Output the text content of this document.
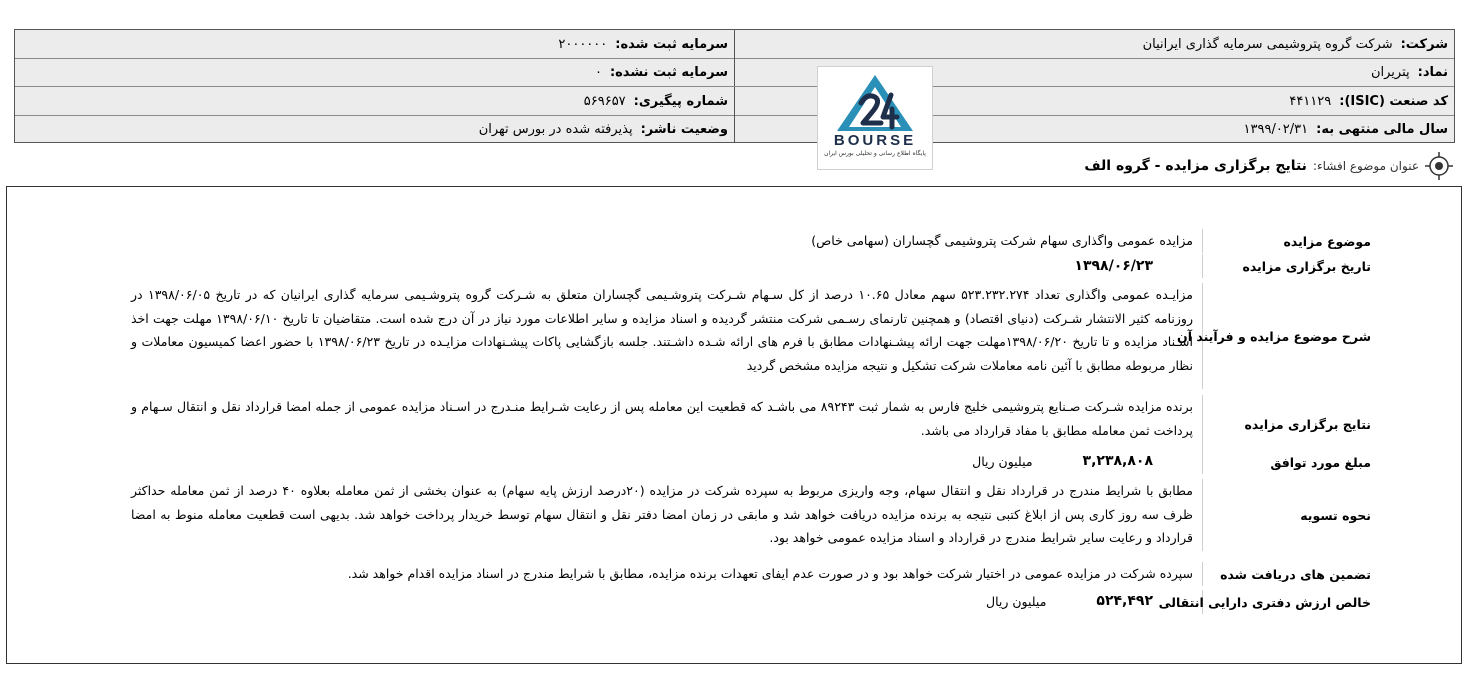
شرکت:
شرکت گروه پتروشیمی سرمایه گذاری ایرانیان
سرمایه ثبت شده:
۲۰۰۰۰۰۰
نماد:
پتریران
سرمایه ثبت نشده:
۰
کد صنعت (ISIC):
۴۴۱۱۲۹
شماره پیگیری:
۵۶۹۶۵۷
سال مالی منتهی به:
۱۳۹۹/۰۲/۳۱
وضعیت ناشر:
پذیرفته شده در بورس تهران
BOURSE
پایگاه اطلاع رسانی و تحلیلی بورس ایران
عنوان موضوع افشاء:
نتایج برگزاری مزایده - گروه الف
موضوع مزایده
مزایده عمومی واگذاری سهام شرکت پتروشیمی گچساران (سهامی خاص)
تاریخ برگزاری مزایده
۱۳۹۸/۰۶/۲۳
شرح موضوع مزایده و فرآیند آن
مزایـده عمومی واگذاری تعداد ۵۲۳.۲۳۲.۲۷۴ سهم معادل ۱۰.۶۵ درصد از کل سـهام شـرکت پتروشـیمی گچساران متعلق به شـرکت گروه پتروشـیمی سرمایه گذاری ایرانیان که در تاریخ ۱۳۹۸/۰۶/۰۵ در روزنامه کثیر الانتشار شـرکت (دنیای اقتصاد) و همچنین تارنمای رسـمی شرکت منتشر گردیده و اسناد مزایده و سایر اطلاعات مورد نیاز در آن درج شده است. متقاضیان تا تاریخ ۱۳۹۸/۰۶/۱۰ مهلت جهت اخذ اسـناد مزایده و تا تاریخ ۱۳۹۸/۰۶/۲۰مهلت جهت ارائه پیشـنهادات مطابق با فرم های ارائه شـده داشـتند. جلسه بازگشایی پاکات پیشـنهادات مزایـده در تاریخ ۱۳۹۸/۰۶/۲۳ با حضور اعضا کمیسیون معاملات و نظار مربوطه مطابق با آئین نامه معاملات شرکت تشکیل و نتیجه مزایده مشخص گردید
نتایج برگزاری مزایده
برنده مزایده شـرکت صـنایع پتروشیمی خلیج فارس به شمار ثبت ۸۹۲۴۳ می باشـد که قطعیت این معامله پس از رعایت شـرایط منـدرج در اسـناد مزایده عمومی از جمله امضا قرارداد نقل و انتقال سـهام و پرداخت ثمن معامله مطابق با مفاد قرارداد می باشد.
مبلغ مورد توافق
۳,۲۳۸,۸۰۸
میلیون ریال
نحوه تسویه
مطابق با شرایط مندرج در قرارداد نقل و انتقال سهام، وجه واریزی مربوط به سپرده شرکت در مزایده (۲۰درصد ارزش پایه سهام) به عنوان بخشی از ثمن معامله بعلاوه ۴۰ درصد از ثمن معامله حداکثر ظرف سه روز کاری پس از ابلاغ کتبی نتیجه به برنده مزایده دریافت خواهد شد و مابقی در زمان امضا دفتر نقل و انتقال سهام توسط خریدار پرداخت خواهد شد. بدیهی است قطعیت معامله منوط به امضا قرارداد و رعایت سایر شرایط مندرج در قرارداد و اسناد مزایده عمومی خواهد بود.
تضمین های دریافت شده
سپرده شرکت در مزایده عمومی در اختیار شرکت خواهد بود و در صورت عدم ایفای تعهدات برنده مزایده، مطابق با شرایط مندرج در اسناد مزایده اقدام خواهد شد.
خالص ارزش دفتری دارایی انتقالی
۵۲۴,۴۹۲
میلیون ریال
